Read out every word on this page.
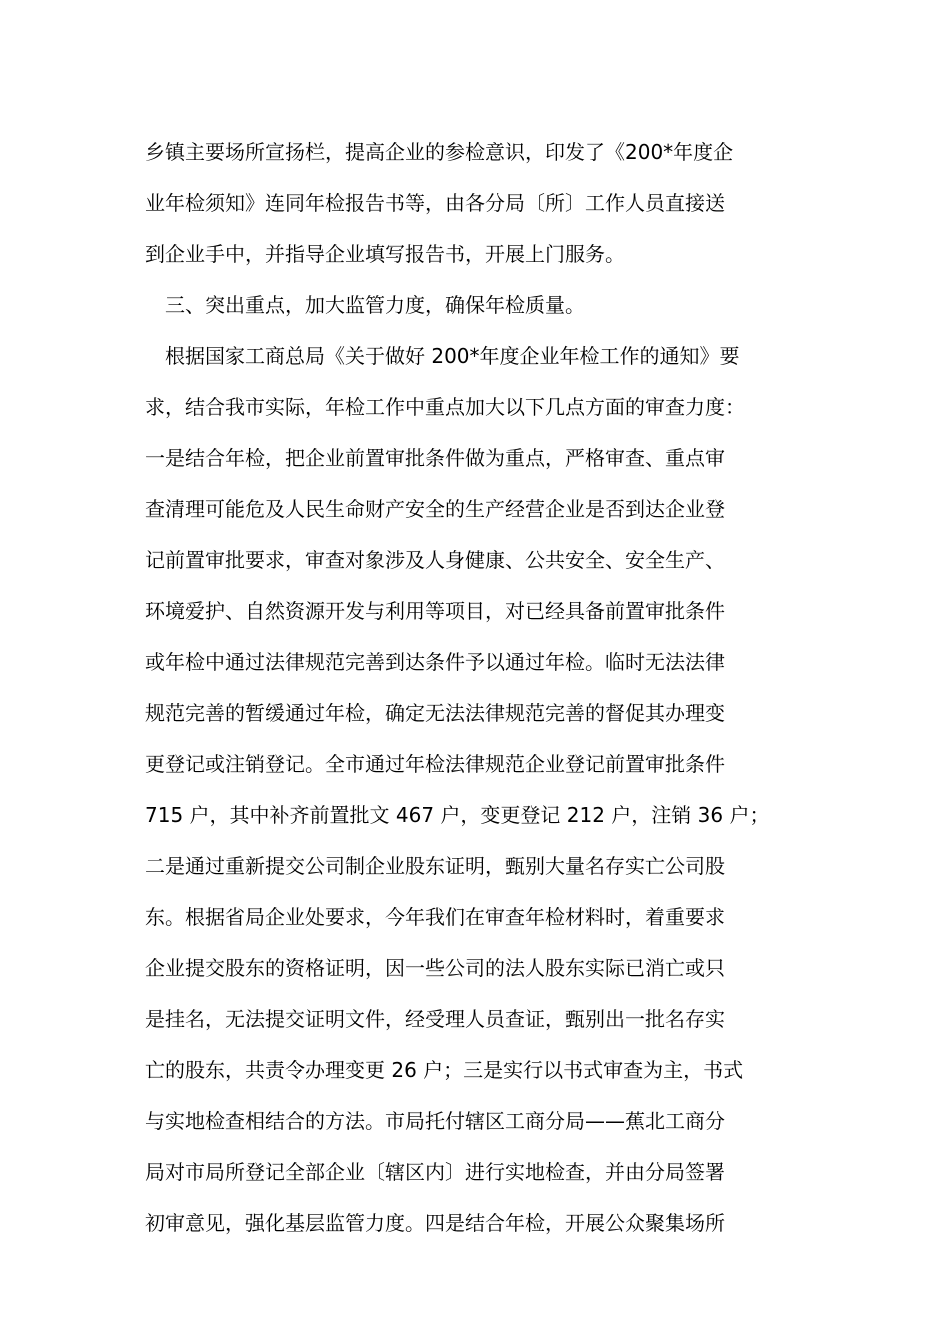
乡镇主要场所宣扬栏，提高企业的参检意识，印发了《200*年度企
业年检须知》连同年检报告书等，由各分局〔所〕工作人员直接送
到企业手中，并指导企业填写报告书，开展上门服务。
三、突出重点，加大监管力度，确保年检质量。
根据国家工商总局《关于做好 200*年度企业年检工作的通知》要
求，结合我市实际，年检工作中重点加大以下几点方面的审查力度：
一是结合年检，把企业前置审批条件做为重点，严格审查、重点审
查清理可能危及人民生命财产安全的生产经营企业是否到达企业登
记前置审批要求，审查对象涉及人身健康、公共安全、安全生产、
环境爱护、自然资源开发与利用等项目，对已经具备前置审批条件
或年检中通过法律规范完善到达条件予以通过年检。临时无法法律
规范完善的暂缓通过年检，确定无法法律规范完善的督促其办理变
更登记或注销登记。全市通过年检法律规范企业登记前置审批条件
715 户，其中补齐前置批文 467 户，变更登记 212 户，注销 36 户；
二是通过重新提交公司制企业股东证明，甄别大量名存实亡公司股
东。根据省局企业处要求，今年我们在审查年检材料时，着重要求
企业提交股东的资格证明，因一些公司的法人股东实际已消亡或只
是挂名，无法提交证明文件，经受理人员查证，甄别出一批名存实
亡的股东，共责令办理变更 26 户；三是实行以书式审查为主，书式
与实地检查相结合的方法。市局托付辖区工商分局——蕉北工商分
局对市局所登记全部企业〔辖区内〕进行实地检查，并由分局签署
初审意见，强化基层监管力度。四是结合年检，开展公众聚集场所
